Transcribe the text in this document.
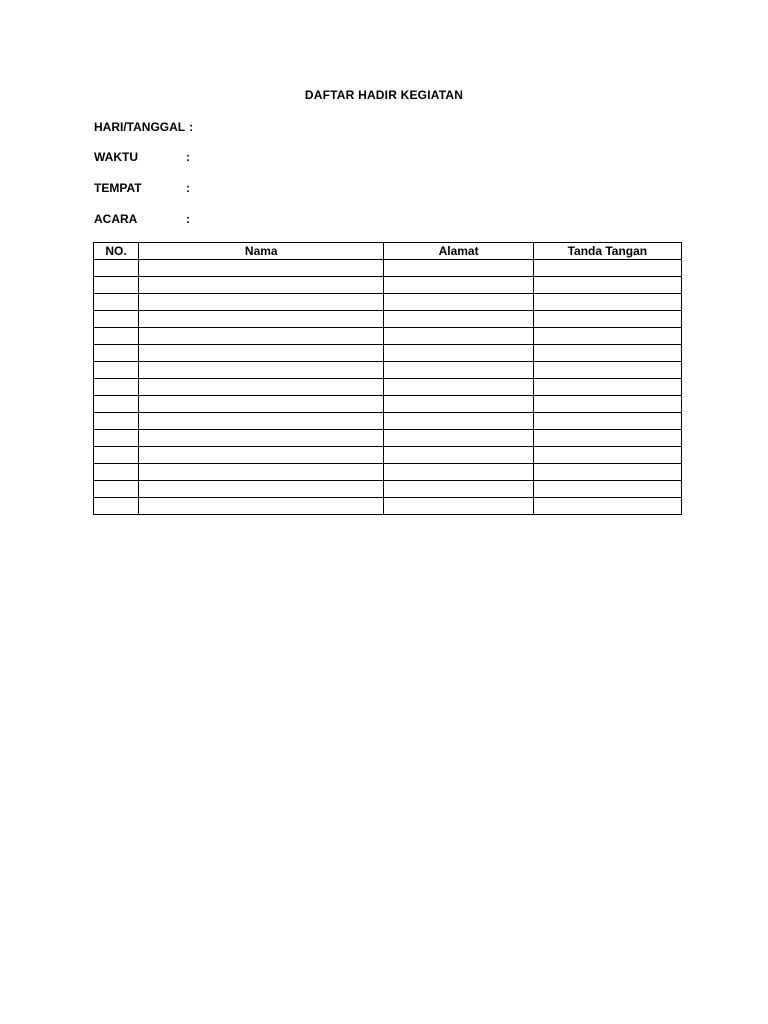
DAFTAR HADIR KEGIATAN
HARI/TANGGAL :
WAKTU	:
TEMPAT	:
ACARA	:
NO.	Nama	Alamat	Tanda Tangan
